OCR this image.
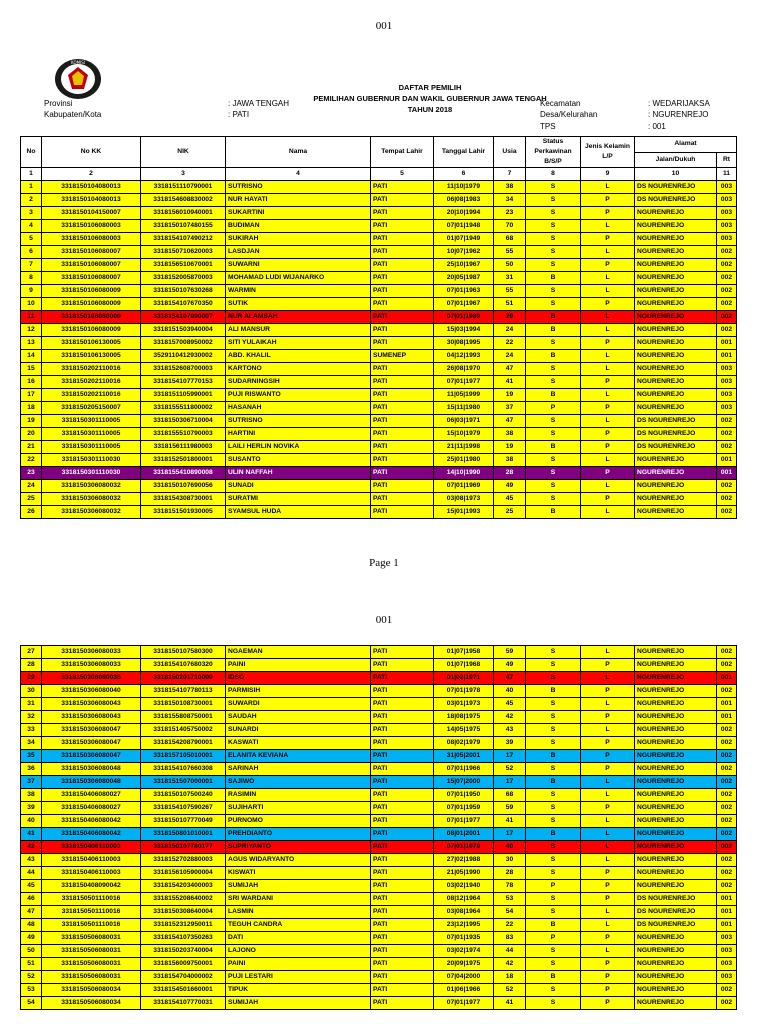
001
KOMISI
DAFTAR PEMILIH
PEMILIHAN GUBERNUR DAN WAKIL GUBERNUR JAWA TENGAH
TAHUN 2018
Provinsi	: JAWA TENGAH
Kabupaten/Kota	: PATI
Kecamatan	: WEDARIJAKSA
Desa/Kelurahan	: NGURENREJO
TPS	: 001
No	No KK	NIK	Nama	Tempat Lahir	Tanggal Lahir	Usia	Status Perkawinan B/S/P	Jenis Kelamin L/P	Alamat	
									Jalan/Dukuh	Rt
1	2	3	4	5	6	7	8	9	10	11
1	3318150104080013	3318151110790001	SUTRISNO	PATI	11|10|1979	38	S	L	DS NGURENREJO	003
2	3318150104080013	3318154608830002	NUR HAYATI	PATI	06|08|1983	34	S	P	DS NGURENREJO	003
3	3318150104150007	3318156010940001	SUKARTINI	PATI	20|10|1994	23	S	P	NGURENREJO	003
4	3318150106080003	3318150107480155	BUDIMAN	PATI	07|01|1948	70	S	L	NGURENREJO	003
5	3318150106080003	3318154107490212	SUKIRAH	PATI	01|07|1949	68	S	P	NGURENREJO	003
6	3318150106080007	3318150710620003	LASDJAN	PATI	10|07|1962	55	S	L	NGURENREJO	002
7	3318150106080007	3318156510670001	SUWARNI	PATI	25|10|1967	50	S	P	NGURENREJO	002
8	3318150106080007	3318152005870003	MOHAMAD LUDI WIJANARKO	PATI	20|05|1987	31	B	L	NGURENREJO	002
9	3318150106080009	3318150107630268	WARMIN	PATI	07|01|1963	55	S	L	NGURENREJO	002
10	3318150106080009	3318154107670350	SUTIK	PATI	07|01|1967	51	S	P	NGURENREJO	002
11	3318150106080009	3318154107890007	NUR ALAMSAH	PATI	07|01|1989	29	B	L	NGURENREJO	002
12	3318150106080009	3318151503940004	ALI MANSUR	PATI	15|03|1994	24	B	L	NGURENREJO	002
13	3318150106130005	3318157008950002	SITI YULAIKAH	PATI	30|08|1995	22	S	P	NGURENREJO	001
14	3318150106130005	3529110412930002	ABD. KHALIL	SUMENEP	04|12|1993	24	B	L	NGURENREJO	001
15	3318150202110016	3318152608700003	KARTONO	PATI	26|08|1970	47	S	L	NGURENREJO	003
16	3318150202110016	3318154107770153	SUDARNINGSIH	PATI	07|01|1977	41	S	P	NGURENREJO	003
17	3318150202110016	3318151105990001	PUJI RISWANTO	PATI	11|05|1999	19	B	L	NGURENREJO	003
18	3318150205150007	3318155511800002	HASANAH	PATI	15|11|1980	37	P	P	NGURENREJO	003
19	3318150301110005	3318150306710004	SUTRISNO	PATI	06|03|1971	47	S	L	DS NGURENREJO	002
20	3318150301110005	3318155510790003	HARTINI	PATI	15|10|1979	38	S	P	DS NGURENREJO	002
21	3318150301110005	3318156111980003	LAILI HERLIN NOVIKA	PATI	21|11|1998	19	B	P	DS NGURENREJO	002
22	3318150301110030	3318152501800001	SUSANTO	PATI	25|01|1980	38	S	L	NGURENREJO	001
23	3318150301110030	3318155410890008	ULIN NAFFAH	PATI	14|10|1990	28	S	P	NGURENREJO	001
24	3318150306080032	3318150107690056	SUNADI	PATI	07|01|1969	49	S	L	NGURENREJO	002
25	3318150306080032	3318154308730001	SURATMI	PATI	03|08|1973	45	S	P	NGURENREJO	002
26	3318150306080032	3318151501930005	SYAMSUL HUDA	PATI	15|01|1993	25	B	L	NGURENREJO	002
Page 1
001
27	3318150306080033	3318150107580300	NGAEMAN	PATI	01|07|1958	59	S	L	NGURENREJO	002
28	3318150306080033	3318154107680320	PAINI	PATI	01|07|1968	49	S	P	NGURENREJO	002
29	3318150306080035	3318150201710000	IDSO	PATI	01|02|1971	47	S	L	NGURENREJO	001
30	3318150306080040	3318154107780113	PARMISIH	PATI	07|01|1978	40	B	P	NGURENREJO	002
31	3318150306080043	3318150108730001	SUWARDI	PATI	03|01|1973	45	S	L	NGURENREJO	001
32	3318150306080043	3318155808750001	SAUDAH	PATI	18|08|1975	42	S	P	NGURENREJO	001
33	3318150306080047	3318151405750002	SUNARDI	PATI	14|05|1975	43	S	L	NGURENREJO	002
34	3318150306080047	3318154208790001	KASWATI	PATI	08|02|1979	39	S	P	NGURENREJO	002
35	3318150306080047	3318157105010001	ELANITA KEVIANA	PATI	31|05|2001	17	B	P	NGURENREJO	002
36	3318150306080048	3318154107660308	SARINAH	PATI	07|01|1966	52	S	P	NGURENREJO	002
37	3318150306080048	3318151507000001	SAJIWO	PATI	15|07|2000	17	B	L	NGURENREJO	002
38	3318150406080027	3318150107500240	RASIMIN	PATI	07|01|1950	68	S	L	NGURENREJO	002
39	3318150406080027	3318154107590267	SUJIHARTI	PATI	07|01|1959	59	S	P	NGURENREJO	002
40	3318150406080042	3318150107770049	PURNOMO	PATI	07|01|1977	41	S	L	NGURENREJO	002
41	3318150406080042	3318150801010001	PREHDIANTO	PATI	08|01|2001	17	B	L	NGURENREJO	002
42	3318150406110003	3318150107780177	SUPRIYANTO	PATI	07|01|1978	40	S	L	NGURENREJO	002
43	3318150406110003	3318152702880003	AGUS WIDARYANTO	PATI	27|02|1988	30	S	L	NGURENREJO	002
44	3318150406110003	3318156105900004	KISWATI	PATI	21|05|1990	28	S	P	NGURENREJO	002
45	3318150408090042	3318154203400003	SUMIJAH	PATI	03|02|1940	78	P	P	NGURENREJO	002
46	3318150501110016	3318155208640002	SRI WARDANI	PATI	08|12|1964	53	S	P	DS NGURENREJO	001
47	3318150501110016	3318150308640004	LASMIN	PATI	03|08|1964	54	S	L	DS NGURENREJO	001
48	3318150501110016	3318152312950011	TEGUH CANDRA	PATI	23|12|1995	22	B	L	DS NGURENREJO	001
49	3318150506080031	3318154107350263	DATI	PATI	07|01|1935	83	P	P	NGURENREJO	003
50	3318150506080031	3318150203740004	LAJONO	PATI	03|02|1974	44	S	L	NGURENREJO	003
51	3318150506080031	3318156009750001	PAINI	PATI	20|09|1975	42	S	P	NGURENREJO	003
52	3318150506080031	3318154704000002	PUJI LESTARI	PATI	07|04|2000	18	B	P	NGURENREJO	003
53	3318150506080034	3318154501660001	TIPUK	PATI	01|06|1966	52	S	P	NGURENREJO	002
54	3318150506080034	3318154107770031	SUMIJAH	PATI	07|01|1977	41	S	P	NGURENREJO	002
